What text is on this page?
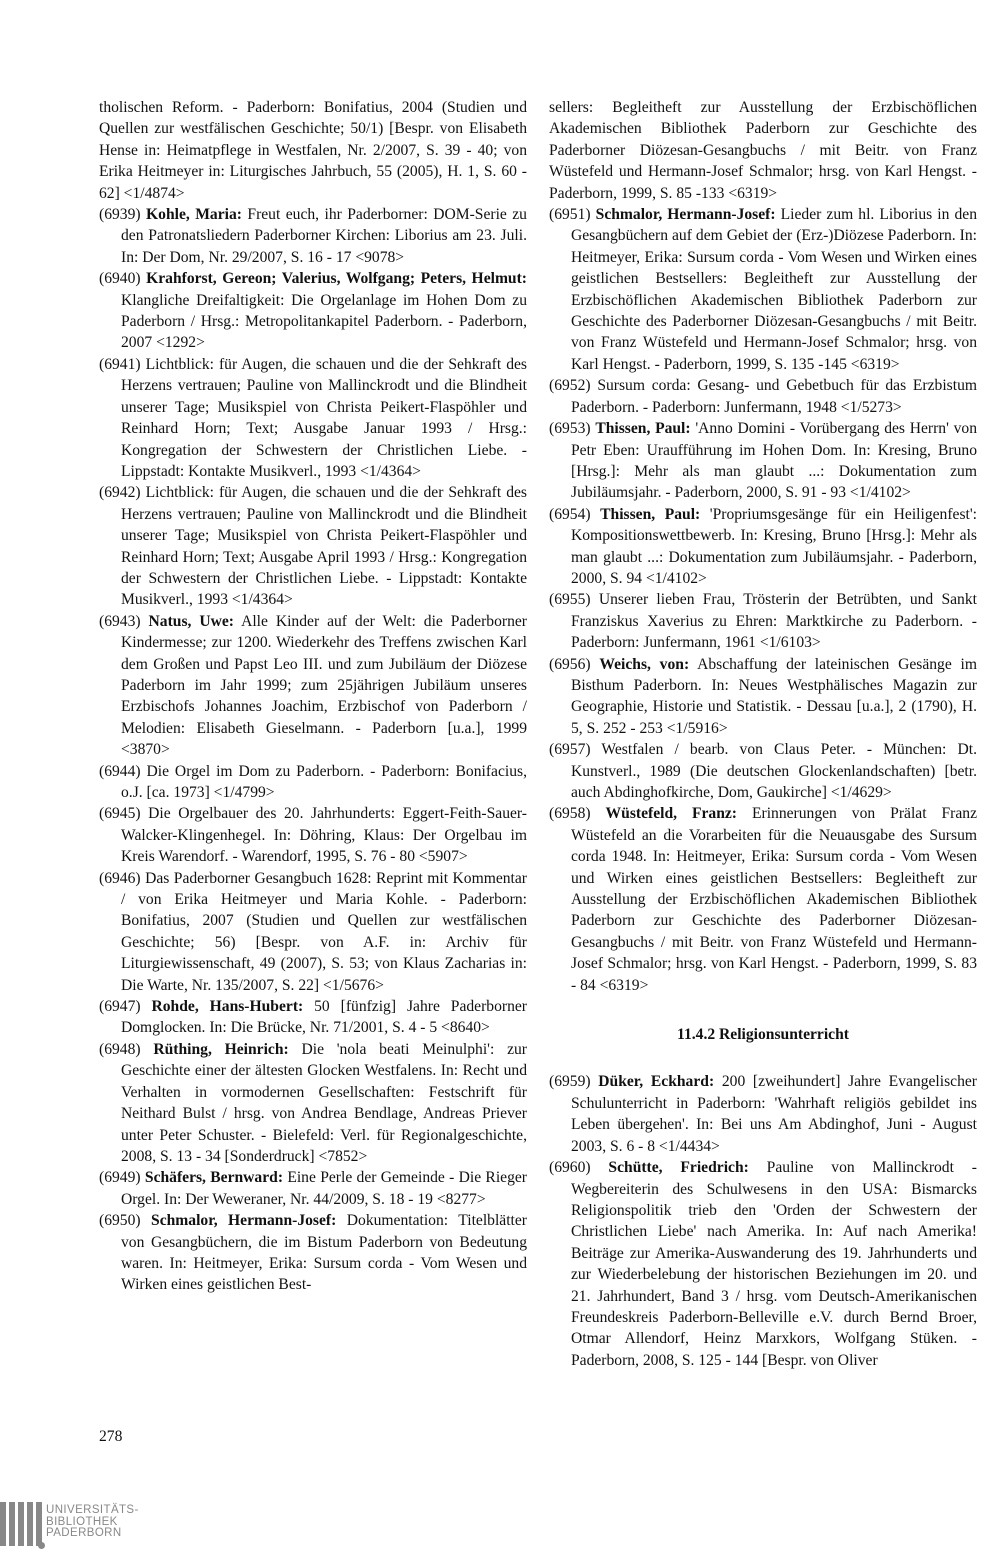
tholischen Reform. - Paderborn: Bonifatius, 2004 (Studien und Quellen zur westfälischen Geschichte; 50/1) [Bespr. von Elisabeth Hense in: Heimatpflege in Westfalen, Nr. 2/2007, S. 39 - 40; von Erika Heitmeyer in: Liturgisches Jahrbuch, 55 (2005), H. 1, S. 60 - 62] <1/4874>

(6939) Kohle, Maria: Freut euch, ihr Paderborner: DOM-Serie zu den Patronatsliedern Paderborner Kirchen: Liborius am 23. Juli. In: Der Dom, Nr. 29/2007, S. 16 - 17 <9078>

(6940) Krahforst, Gereon; Valerius, Wolfgang; Peters, Helmut: Klangliche Dreifaltigkeit: Die Orgelanlage im Hohen Dom zu Paderborn / Hrsg.: Metropolitankapitel Paderborn. - Paderborn, 2007 <1292>

(6941) Lichtblick: für Augen, die schauen und die der Sehkraft des Herzens vertrauen; Pauline von Mallinckrodt und die Blindheit unserer Tage; Musikspiel von Christa Peikert-Flaspöhler und Reinhard Horn; Text; Ausgabe Januar 1993 / Hrsg.: Kongregation der Schwestern der Christlichen Liebe. - Lippstadt: Kontakte Musikverl., 1993 <1/4364>

(6942) Lichtblick: für Augen, die schauen und die der Sehkraft des Herzens vertrauen; Pauline von Mallinckrodt und die Blindheit unserer Tage; Musikspiel von Christa Peikert-Flaspöhler und Reinhard Horn; Text; Ausgabe April 1993 / Hrsg.: Kongregation der Schwestern der Christlichen Liebe. - Lippstadt: Kontakte Musikverl., 1993 <1/4364>

(6943) Natus, Uwe: Alle Kinder auf der Welt: die Paderborner Kindermesse; zur 1200. Wiederkehr des Treffens zwischen Karl dem Großen und Papst Leo III. und zum Jubiläum der Diözese Paderborn im Jahr 1999; zum 25jährigen Jubiläum unseres Erzbischofs Johannes Joachim, Erzbischof von Paderborn / Melodien: Elisabeth Gieselmann. - Paderborn [u.a.], 1999 <3870>

(6944) Die Orgel im Dom zu Paderborn. - Paderborn: Bonifacius, o.J. [ca. 1973] <1/4799>

(6945) Die Orgelbauer des 20. Jahrhunderts: Eggert-Feith-Sauer-Walcker-Klingenhegel. In: Döhring, Klaus: Der Orgelbau im Kreis Warendorf. - Warendorf, 1995, S. 76 - 80 <5907>

(6946) Das Paderborner Gesangbuch 1628: Reprint mit Kommentar / von Erika Heitmeyer und Maria Kohle. - Paderborn: Bonifatius, 2007 (Studien und Quellen zur westfälischen Geschichte; 56) [Bespr. von A.F. in: Archiv für Liturgiewissenschaft, 49 (2007), S. 53; von Klaus Zacharias in: Die Warte, Nr. 135/2007, S. 22] <1/5676>

(6947) Rohde, Hans-Hubert: 50 [fünfzig] Jahre Paderborner Domglocken. In: Die Brücke, Nr. 71/2001, S. 4 - 5 <8640>

(6948) Rüthing, Heinrich: Die 'nola beati Meinulphi': zur Geschichte einer der ältesten Glocken Westfalens. In: Recht und Verhalten in vormodernen Gesellschaften: Festschrift für Neithard Bulst / hrsg. von Andrea Bendlage, Andreas Priever unter Peter Schuster. - Bielefeld: Verl. für Regionalgeschichte, 2008, S. 13 - 34 [Sonderdruck] <7852>

(6949) Schäfers, Bernward: Eine Perle der Gemeinde - Die Rieger Orgel. In: Der Weweraner, Nr. 44/2009, S. 18 - 19 <8277>

(6950) Schmalor, Hermann-Josef: Dokumentation: Titelblätter von Gesangbüchern, die im Bistum Paderborn von Bedeutung waren. In: Heitmeyer, Erika: Sursum corda - Vom Wesen und Wirken eines geistlichen Best-

sellers: Begleitheft zur Ausstellung der Erzbischöflichen Akademischen Bibliothek Paderborn zur Geschichte des Paderborner Diözesan-Gesangbuchs / mit Beitr. von Franz Wüstefeld und Hermann-Josef Schmalor; hrsg. von Karl Hengst. - Paderborn, 1999, S. 85 -133 <6319>

(6951) Schmalor, Hermann-Josef: Lieder zum hl. Liborius in den Gesangbüchern auf dem Gebiet der (Erz-)Diözese Paderborn. In: Heitmeyer, Erika: Sursum corda - Vom Wesen und Wirken eines geistlichen Bestsellers: Begleitheft zur Ausstellung der Erzbischöflichen Akademischen Bibliothek Paderborn zur Geschichte des Paderborner Diözesan-Gesangbuchs / mit Beitr. von Franz Wüstefeld und Hermann-Josef Schmalor; hrsg. von Karl Hengst. - Paderborn, 1999, S. 135 -145 <6319>

(6952) Sursum corda: Gesang- und Gebetbuch für das Erzbistum Paderborn. - Paderborn: Junfermann, 1948 <1/5273>

(6953) Thissen, Paul: 'Anno Domini - Vorübergang des Herrn' von Petr Eben: Uraufführung im Hohen Dom. In: Kresing, Bruno [Hrsg.]: Mehr als man glaubt ...: Dokumentation zum Jubiläumsjahr. - Paderborn, 2000, S. 91 - 93 <1/4102>

(6954) Thissen, Paul: 'Propriumsgesänge für ein Heiligenfest': Kompositionswettbewerb. In: Kresing, Bruno [Hrsg.]: Mehr als man glaubt ...: Dokumentation zum Jubiläumsjahr. - Paderborn, 2000, S. 94 <1/4102>

(6955) Unserer lieben Frau, Trösterin der Betrübten, und Sankt Franziskus Xaverius zu Ehren: Marktkirche zu Paderborn. - Paderborn: Junfermann, 1961 <1/6103>

(6956) Weichs, von: Abschaffung der lateinischen Gesänge im Bisthum Paderborn. In: Neues Westphälisches Magazin zur Geographie, Historie und Statistik. - Dessau [u.a.], 2 (1790), H. 5, S. 252 - 253 <1/5916>

(6957) Westfalen / bearb. von Claus Peter. - München: Dt. Kunstverl., 1989 (Die deutschen Glockenlandschaften) [betr. auch Abdinghofkirche, Dom, Gaukirche] <1/4629>

(6958) Wüstefeld, Franz: Erinnerungen von Prälat Franz Wüstefeld an die Vorarbeiten für die Neuausgabe des Sursum corda 1948. In: Heitmeyer, Erika: Sursum corda - Vom Wesen und Wirken eines geistlichen Bestsellers: Begleitheft zur Ausstellung der Erzbischöflichen Akademischen Bibliothek Paderborn zur Geschichte des Paderborner Diözesan-Gesangbuchs / mit Beitr. von Franz Wüstefeld und Hermann-Josef Schmalor; hrsg. von Karl Hengst. - Paderborn, 1999, S. 83 - 84 <6319>

11.4.2 Religionsunterricht

(6959) Düker, Eckhard: 200 [zweihundert] Jahre Evangelischer Schulunterricht in Paderborn: 'Wahrhaft religiös gebildet ins Leben übergehen'. In: Bei uns Am Abdinghof, Juni - August 2003, S. 6 - 8 <1/4434>

(6960) Schütte, Friedrich: Pauline von Mallinckrodt - Wegbereiterin des Schulwesens in den USA: Bismarcks Religionspolitik trieb den 'Orden der Schwestern der Christlichen Liebe' nach Amerika. In: Auf nach Amerika! Beiträge zur Amerika-Auswanderung des 19. Jahrhunderts und zur Wiederbelebung der historischen Beziehungen im 20. und 21. Jahrhundert, Band 3 / hrsg. vom Deutsch-Amerikanischen Freundeskreis Paderborn-Belleville e.V. durch Bernd Broer, Otmar Allendorf, Heinz Marxkors, Wolfgang Stüken. - Paderborn, 2008, S. 125 - 144 [Bespr. von Oliver

278
UNIVERSITÄTS-
BIBLIOTHEK
PADERBORN
